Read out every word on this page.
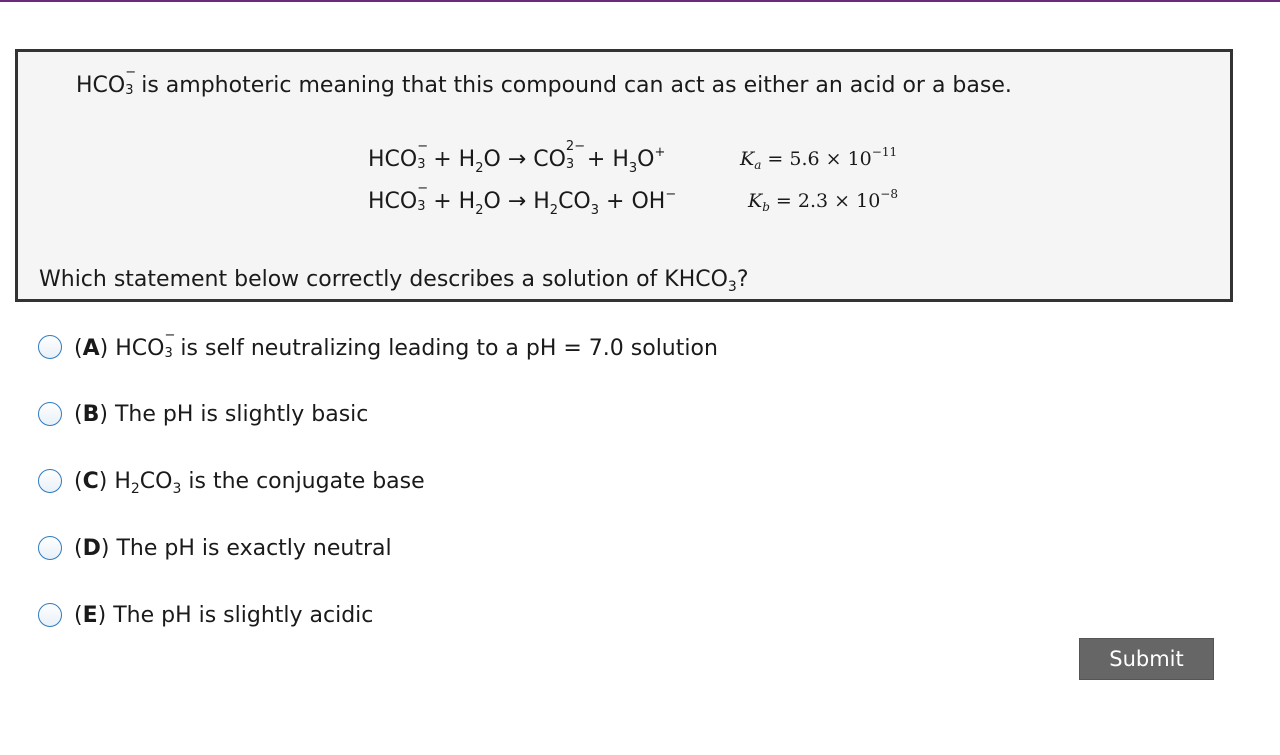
HCO
−
3 is amphoteric meaning that this compound can act as either an acid or a base.
HCO
−
$3 + H_2O$ → CO
2−
$3 + H_3O^+$	$K_a = 5.6 \times 10^{-11}$
HCO
−
$3 + H_2O \to H_2CO_3 + OH^-$	$K_b = 2.3 \times 10^{-8}$
Which statement below correctly describes a solution of $KHCO_3$?
(A) HCO
−
3 is self neutralizing leading to a pH = 7.0 solution
(B) The pH is slightly basic
(C) $H_2CO_3$ is the conjugate base
(D) The pH is exactly neutral
(E) The pH is slightly acidic
Submit
